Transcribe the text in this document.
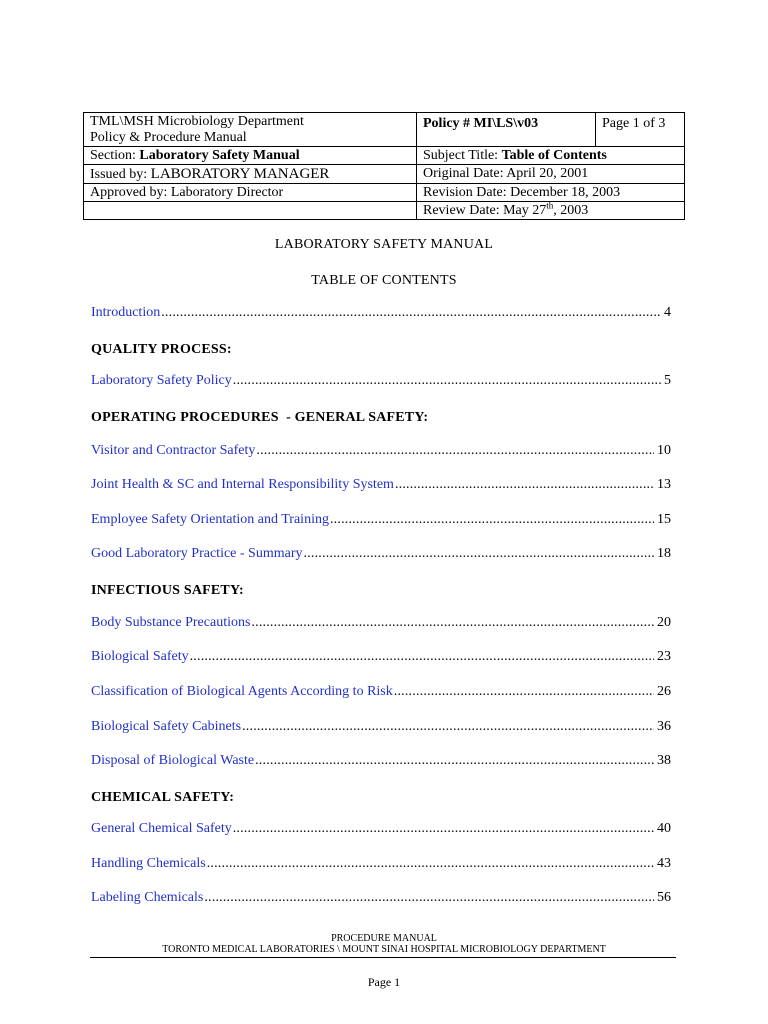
TML\MSH Microbiology Department
Policy & Procedure Manual	Policy # MI\LS\v03	Page 1 of 3
Section: Laboratory Safety Manual	Subject Title: Table of Contents	
Issued by: LABORATORY MANAGER	Original Date: April 20, 2001	
Approved by: Laboratory Director	Revision Date: December 18, 2003	
	Review Date: May 27th, 2003	
LABORATORY SAFETY MANUAL
TABLE OF CONTENTS
Introduction .....	4
QUALITY PROCESS:
Laboratory Safety Policy .....	5
OPERATING PROCEDURES  - GENERAL SAFETY:
Visitor and Contractor Safety .....	10
Joint Health & SC and Internal Responsibility System .....	13
Employee Safety Orientation and Training .....	15
Good Laboratory Practice - Summary .....	18
INFECTIOUS SAFETY:
Body Substance Precautions .....	20
Biological Safety .....	23
Classification of Biological Agents According to Risk .....	26
Biological Safety Cabinets .....	36
Disposal of Biological Waste .....	38
CHEMICAL SAFETY:
General Chemical Safety .....	40
Handling Chemicals .....	43
Labeling Chemicals .....	56
PROCEDURE MANUAL
TORONTO MEDICAL LABORATORIES \ MOUNT SINAI HOSPITAL MICROBIOLOGY DEPARTMENT
Page 1
